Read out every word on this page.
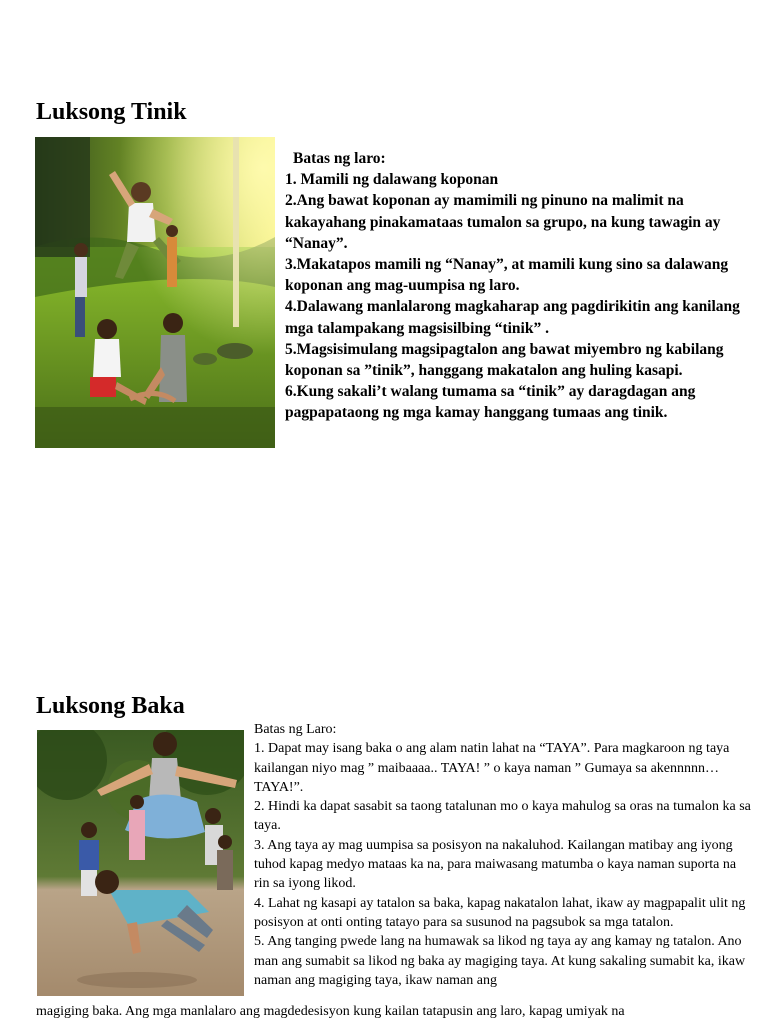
Luksong Tinik

Batas ng laro:

1. Mamili ng dalawang koponan

2.Ang bawat koponan ay mamimili ng pinuno na malimit na kakayahang pinakamataas tumalon sa grupo, na kung tawagin ay “Nanay”.

3.Makatapos mamili ng “Nanay”, at mamili kung sino sa dalawang koponan ang mag-uumpisa ng laro.

4.Dalawang manlalarong magkaharap ang pagdirikitin ang kanilang mga talampakang magsisilbing “tinik” .

5.Magsisimulang magsipagtalon ang bawat miyembro ng kabilang koponan sa ”tinik”, hanggang makatalon ang huling kasapi.

6.Kung sakali’t walang tumama sa “tinik” ay daragdagan ang pagpapataong ng mga kamay hanggang tumaas ang tinik.

Luksong Baka

Batas ng Laro:

1. Dapat may isang baka o ang alam natin lahat na “TAYA”. Para magkaroon ng taya kailangan niyo mag ” maibaaaa.. TAYA! ” o kaya naman ” Gumaya sa akennnnn… TAYA!”.

2. Hindi ka dapat sasabit sa taong tatalunan mo o kaya mahulog sa oras na tumalon ka sa taya.

3. Ang taya ay mag uumpisa sa posisyon na nakaluhod. Kailangan matibay ang iyong tuhod kapag medyo mataas ka na, para maiwasang matumba o kaya naman suporta na rin sa iyong likod.

4. Lahat ng kasapi ay tatalon sa baka, kapag nakatalon lahat, ikaw ay magpapalit ulit ng posisyon at onti onting tatayo para sa susunod na pagsubok sa mga tatalon.

5. Ang tanging pwede lang na humawak sa likod ng taya ay ang kamay ng tatalon. Ano man ang sumabit sa likod ng baka ay magiging taya. At kung sakaling sumabit ka, ikaw naman ang magiging taya, ikaw naman ang

magiging baka. Ang mga manlalaro ang magdedesisyon kung kailan tatapusin ang laro, kapag umiyak na
